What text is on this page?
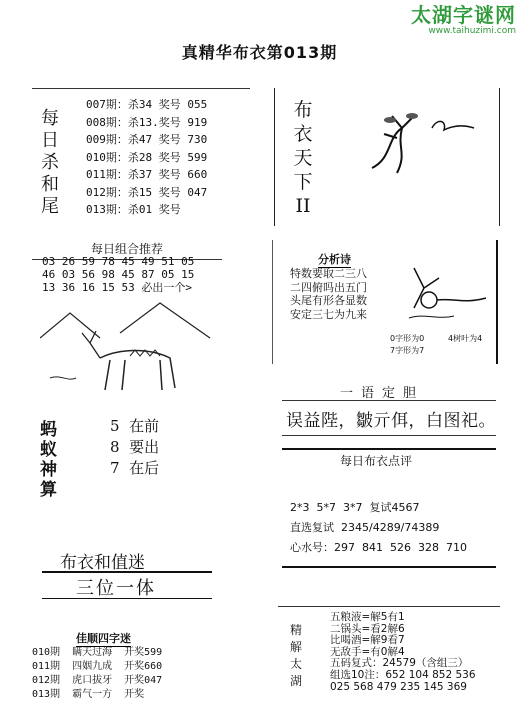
太湖字谜网
www.taihuzimi.com
真精华布衣第013期
每日杀和尾
007期：杀34 奖号 055
008期：杀13.奖号 919
009期：杀47 奖号 730
010期：杀28 奖号 599
011期：杀37 奖号 660
012期：杀15 奖号 047
013期：杀01 奖号
布衣天下II
每日组合推荐
03 26 59 78 45 49 51 05
46 03 56 98 45 87 05 15
13 36 16 15 53 必出一个>
分析诗
特数要取二三八
二四俯吗出五门
头尾有形各显数
安定三七为九来
0字形为0	4树叶为4
7字形为7
一语定胆
误益陛，皺亓佴，白图祀。
蚂蚁神算
5  在前
8  要出
7  在后	每日布衣点评
2*3  5*7  3*7  复试4567
直选复试  2345/4289/74389
心水号：297  841  526  328  710
布衣和值迷
三位一体
佳顺四字迷
010期  瞒天过海  开奖599
011期  四姻九成  开奖660
012期  虎口拔牙  开奖047
013期  霸气一方  开奖
精解太湖
五粮液=解5有1
二锅头=看2解6
比喝酒=解9看7
无敌手=有0解4
五码复式：24579（含组三）
组选10注：652 104 852 536
025 568 479 235 145 369
